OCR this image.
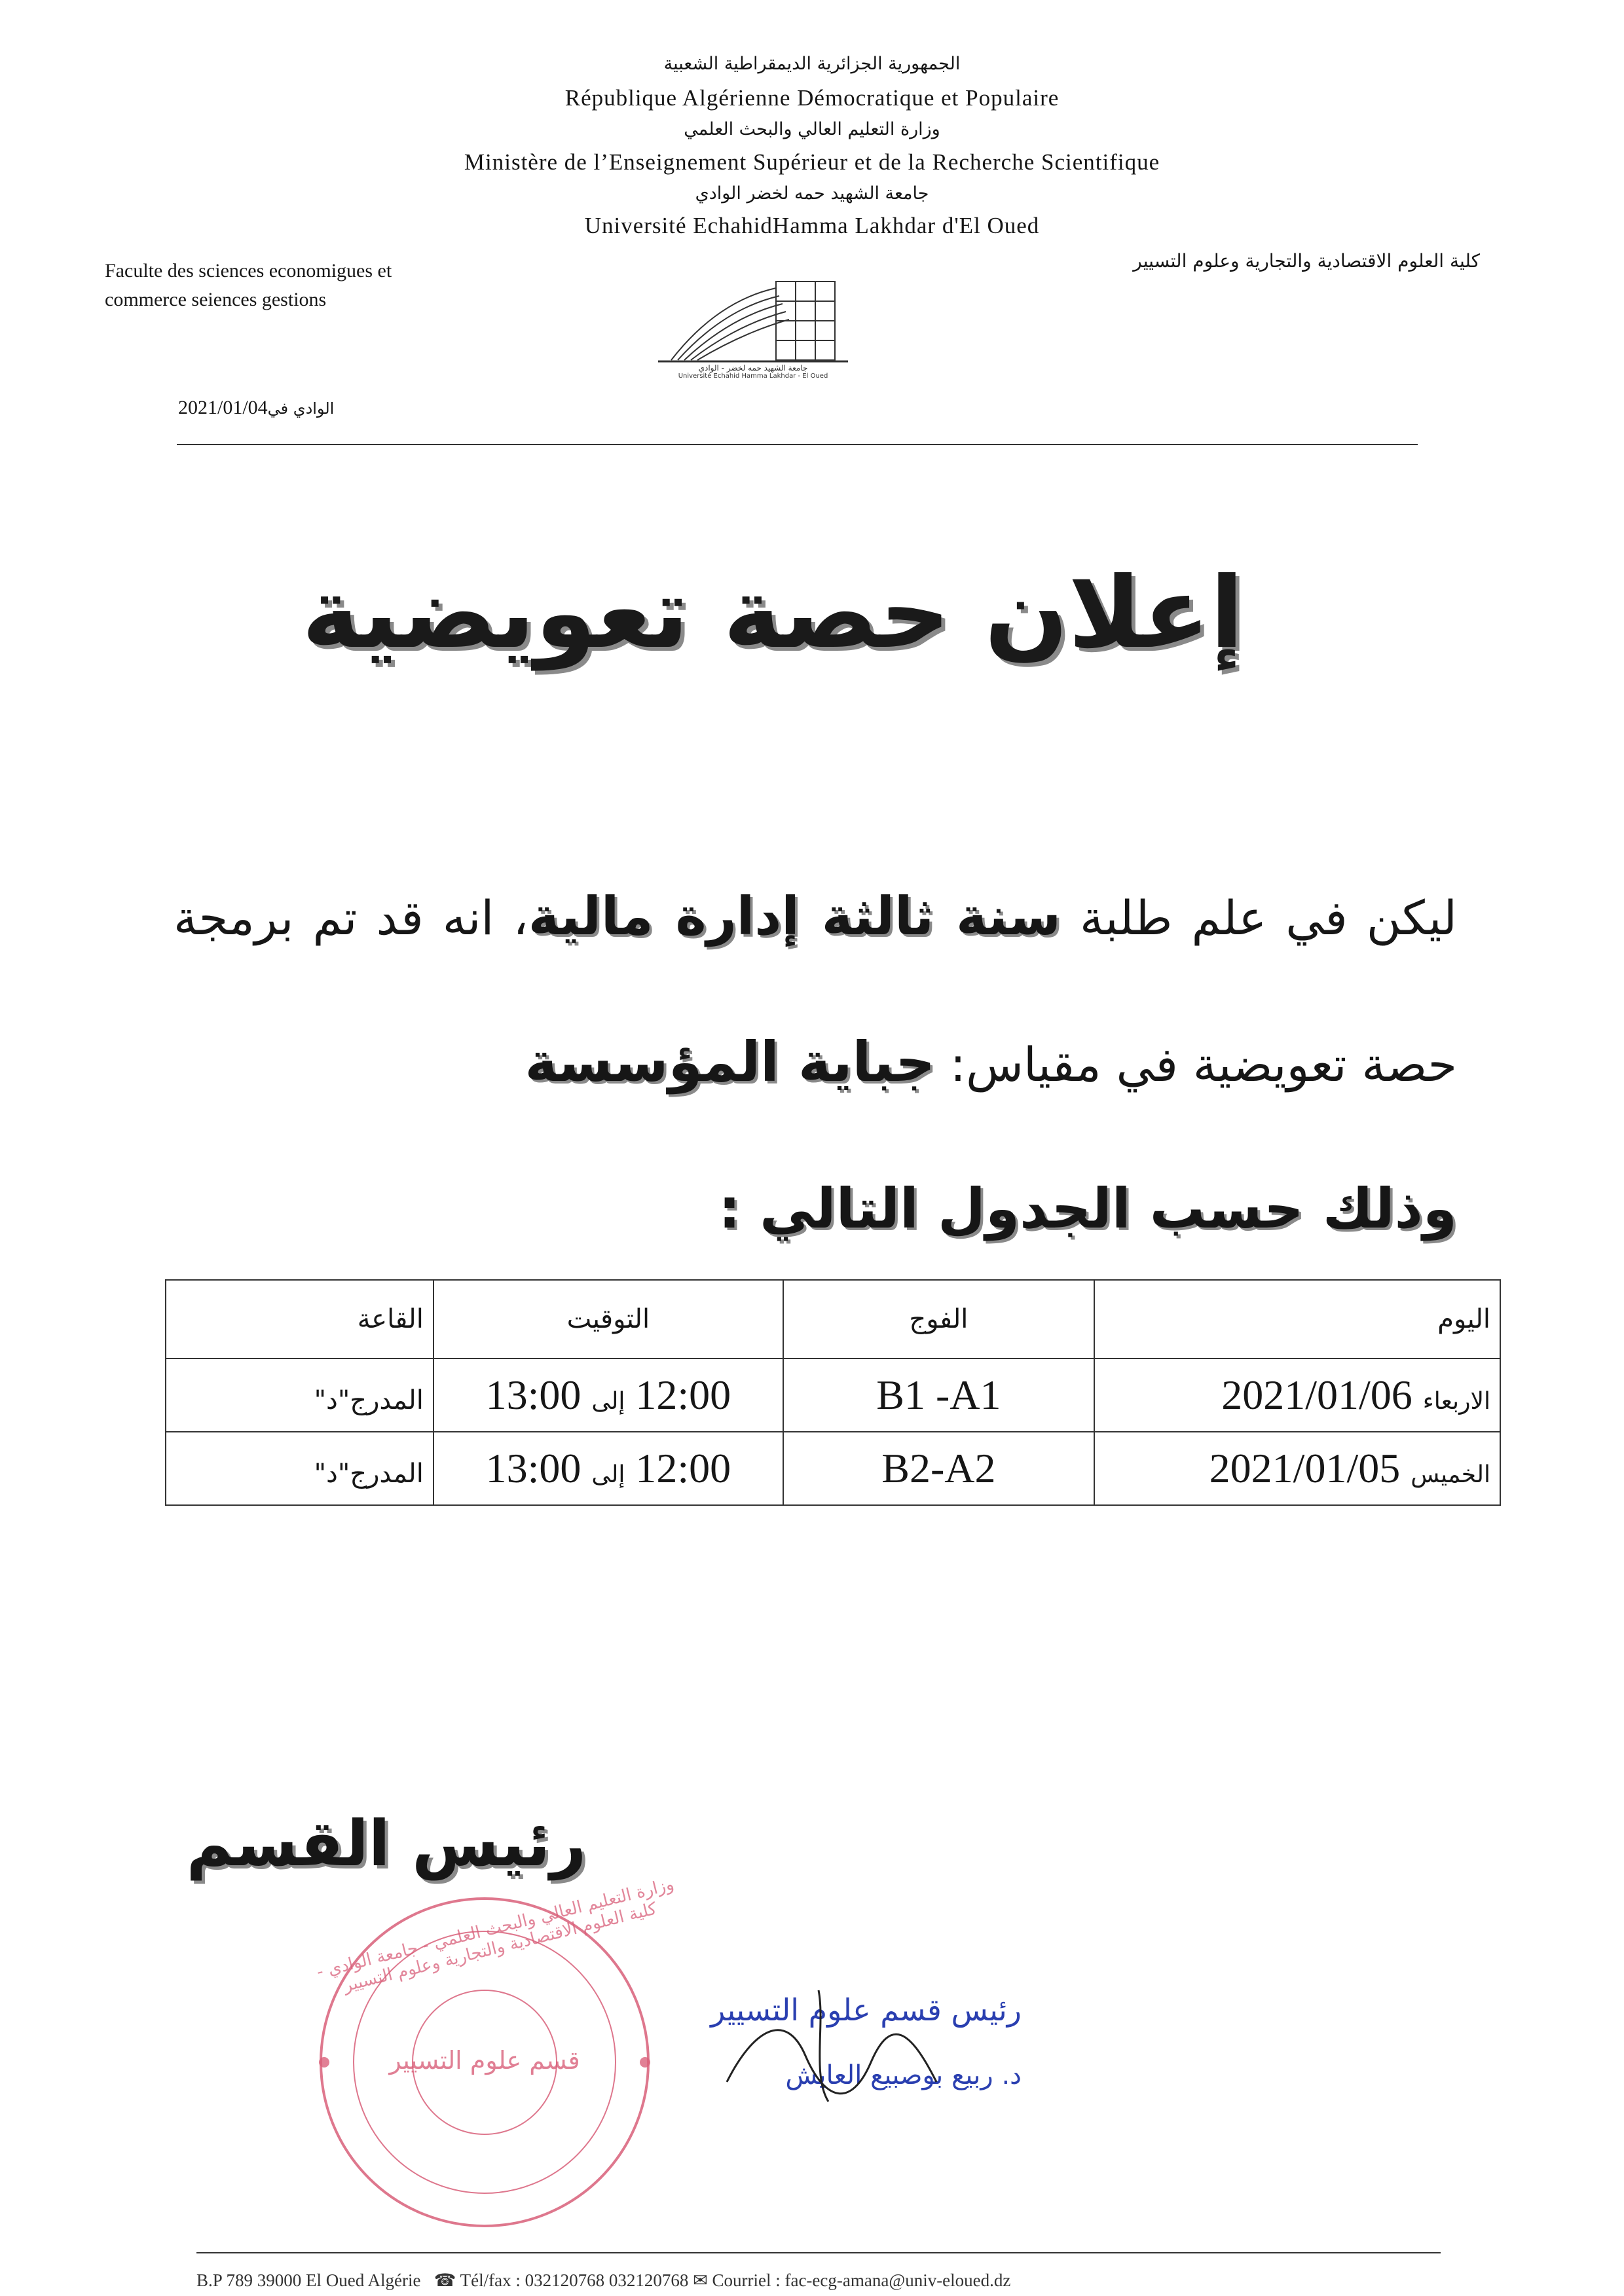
الجمهورية الجزائرية الديمقراطية الشعبية
République Algérienne Démocratique et Populaire
وزارة التعليم العالي والبحث العلمي
Ministère de l’Enseignement Supérieur et de la Recherche Scientifique
جامعة الشهيد حمه لخضر الوادي
Université EchahidHamma Lakhdar d'El Oued
Faculte des sciences economigues et
commerce seiences gestions
كلية العلوم الاقتصادية والتجارية وعلوم التسيير
جامعة الشهيد حمه لخضر - الوادي
Université Echahid Hamma Lakhdar - El Oued
2021/01/04الوادي في
إعلان حصة تعويضية
ليكن في علم طلبة سنة ثالثة إدارة مالية، انه قد تم برمجة حصة تعويضية في مقياس: جباية المؤسسة
وذلك حسب الجدول التالي :
اليوم	الفوج	التوقيت	القاعة
الاربعاء 2021/01/06	B1 -A1	12:00 إلى 13:00	المدرج"د"
الخميس 2021/01/05	B2-A2	12:00 إلى 13:00	المدرج"د"
رئيس القسم
قسم علوم التسيير
وزارة التعليم العالي والبحث العلمي - جامعة الوادي - كلية العلوم الاقتصادية والتجارية وعلوم التسيير
رئيس قسم علوم التسيير
د. ربيع بوصبيع العايش
B.P 789 39000 El Oued Algérie ☎ Tél/fax : 032120768 032120768 ✉ Courriel : fac-ecg-amana@univ-eloued.dz
